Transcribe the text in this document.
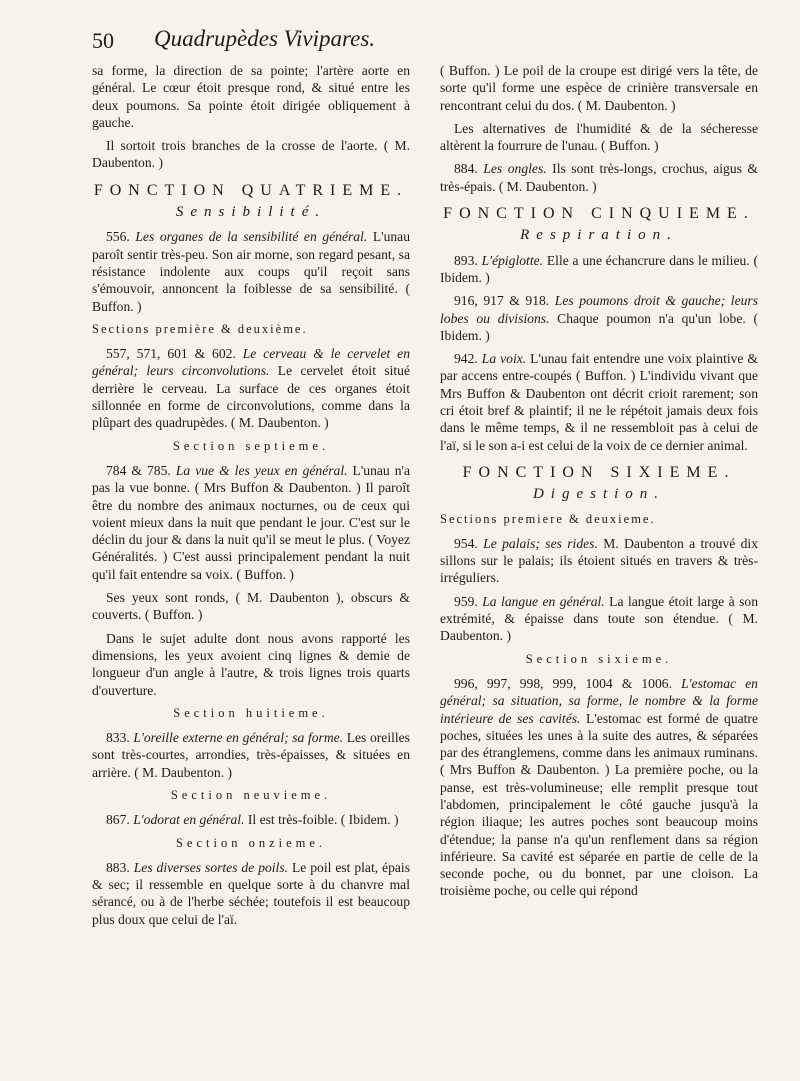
50 Quadrupèdes Vivipares.

sa forme, la direction de sa pointe; l'artère aorte en général. Le cœur étoit presque rond, & situé entre les deux poumons. Sa pointe étoit dirigée obliquement à gauche.

Il sortoit trois branches de la crosse de l'aorte. ( M. Daubenton. )

FONCTION QUATRIEME.
Sensibilité.
556. Les organes de la sensibilité en général. L'unau paroît sentir très-peu. Son air morne, son regard pesant, sa résistance indolente aux coups qu'il reçoit sans s'émouvoir, annoncent la foiblesse de sa sensibilité. ( Buffon. )
Sections première & deuxième.
557, 571, 601 & 602. Le cerveau & le cervelet en général; leurs circonvolutions. Le cervelet étoit situé derrière le cerveau. La surface de ces organes étoit sillonnée en forme de circonvolutions, comme dans la plûpart des quadrupèdes. ( M. Daubenton. )
Section septieme.
784 & 785. La vue & les yeux en général. L'unau n'a pas la vue bonne. ( Mrs Buffon & Daubenton. ) Il paroît être du nombre des animaux nocturnes, ou de ceux qui voient mieux dans la nuit que pendant le jour. C'est sur le déclin du jour & dans la nuit qu'il se meut le plus. ( Voyez Généralités. ) C'est aussi principalement pendant la nuit qu'il fait entendre sa voix. ( Buffon. )

Ses yeux sont ronds, ( M. Daubenton ), obscurs & couverts. ( Buffon. )

Dans le sujet adulte dont nous avons rapporté les dimensions, les yeux avoient cinq lignes & demie de longueur d'un angle à l'autre, & trois lignes trois quarts d'ouverture.

Section huitieme.
833. L'oreille externe en général; sa forme. Les oreilles sont très-courtes, arrondies, très-épaisses, & situées en arrière. ( M. Daubenton. )
Section neuvieme.
867. L'odorat en général. Il est très-foible. ( Ibidem. )
Section onzieme.
883. Les diverses sortes de poils. Le poil est plat, épais & sec; il ressemble en quelque sorte à du chanvre mal sérancé, ou à de l'herbe séchée; toutefois il est beaucoup plus doux que celui de l'aï.

( Buffon. ) Le poil de la croupe est dirigé vers la tête, de sorte qu'il forme une espèce de crinière transversale en rencontrant celui du dos. ( M. Daubenton. )

Les alternatives de l'humidité & de la sécheresse altèrent la fourrure de l'unau. ( Buffon. )

884. Les ongles. Ils sont très-longs, crochus, aigus & très-épais. ( M. Daubenton. )
FONCTION CINQUIEME.
Respiration.
893. L'épiglotte. Elle a une échancrure dans le milieu. ( Ibidem. )
916, 917 & 918. Les poumons droit & gauche; leurs lobes ou divisions. Chaque poumon n'a qu'un lobe. ( Ibidem. )
942. La voix. L'unau fait entendre une voix plaintive & par accens entre-coupés ( Buffon. ) L'individu vivant que Mrs Buffon & Daubenton ont décrit crioit rarement; son cri étoit bref & plaintif; il ne le répétoit jamais deux fois dans le même temps, & il ne ressembloit pas à celui de l'aï, si le son a-i est celui de la voix de ce dernier animal.
FONCTION SIXIEME.
Digestion.
Sections premiere & deuxieme.
954. Le palais; ses rides. M. Daubenton a trouvé dix sillons sur le palais; ils étoient situés en travers & très-irréguliers.
959. La langue en général. La langue étoit large à son extrémité, & épaisse dans toute son étendue. ( M. Daubenton. )
Section sixieme.
996, 997, 998, 999, 1004 & 1006. L'estomac en général; sa situation, sa forme, le nombre & la forme intérieure de ses cavités. L'estomac est formé de quatre poches, situées les unes à la suite des autres, & séparées par des étranglemens, comme dans les animaux ruminans. ( Mrs Buffon & Daubenton. ) La première poche, ou la panse, est très-volumineuse; elle remplit presque tout l'abdomen, principalement le côté gauche jusqu'à la région iliaque; les autres poches sont beaucoup moins d'étendue; la panse n'a qu'un renflement dans sa région inférieure. Sa cavité est séparée en partie de celle de la seconde poche, ou du bonnet, par une cloison. La troisième poche, ou celle qui répond
